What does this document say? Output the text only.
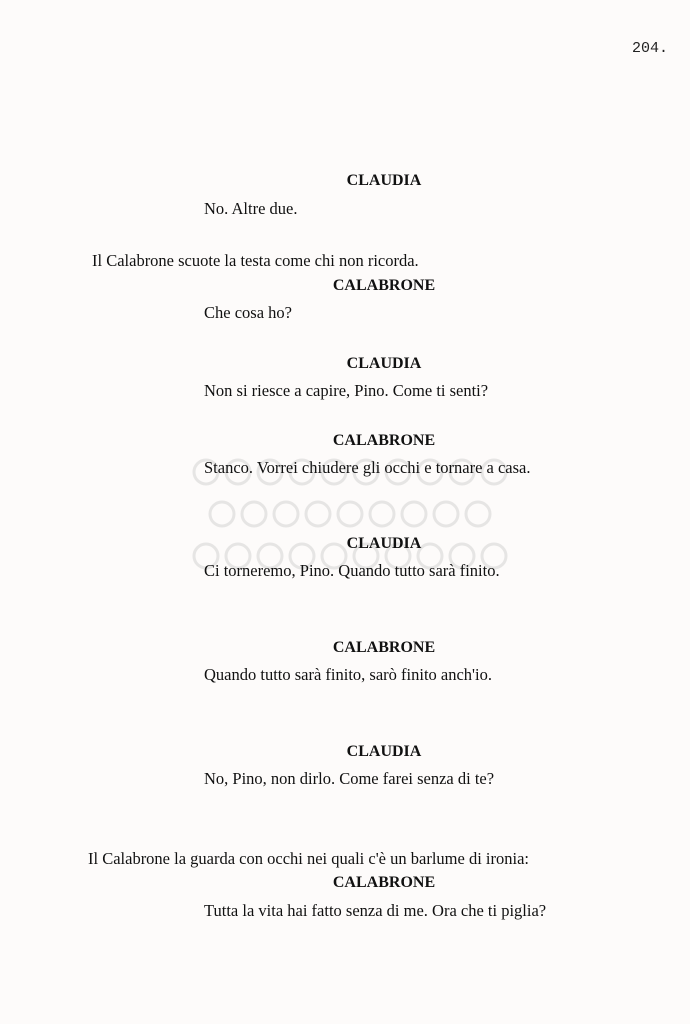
204.
CLAUDIA
No. Altre due.
Il Calabrone scuote la testa come chi non ricorda.
CALABRONE
Che cosa ho?
CLAUDIA
Non si riesce a capire, Pino. Come ti senti?
CALABRONE
Stanco. Vorrei chiudere gli occhi e tornare a casa.
CLAUDIA
Ci torneremo, Pino. Quando tutto sarà finito.
CALABRONE
Quando tutto sarà finito, sarò finito anch'io.
CLAUDIA
No, Pino, non dirlo. Come farei senza di te?
Il Calabrone la guarda con occhi nei quali c'è un barlume di ironia:
CALABRONE
Tutta la vita hai fatto senza di me. Ora che ti piglia?
